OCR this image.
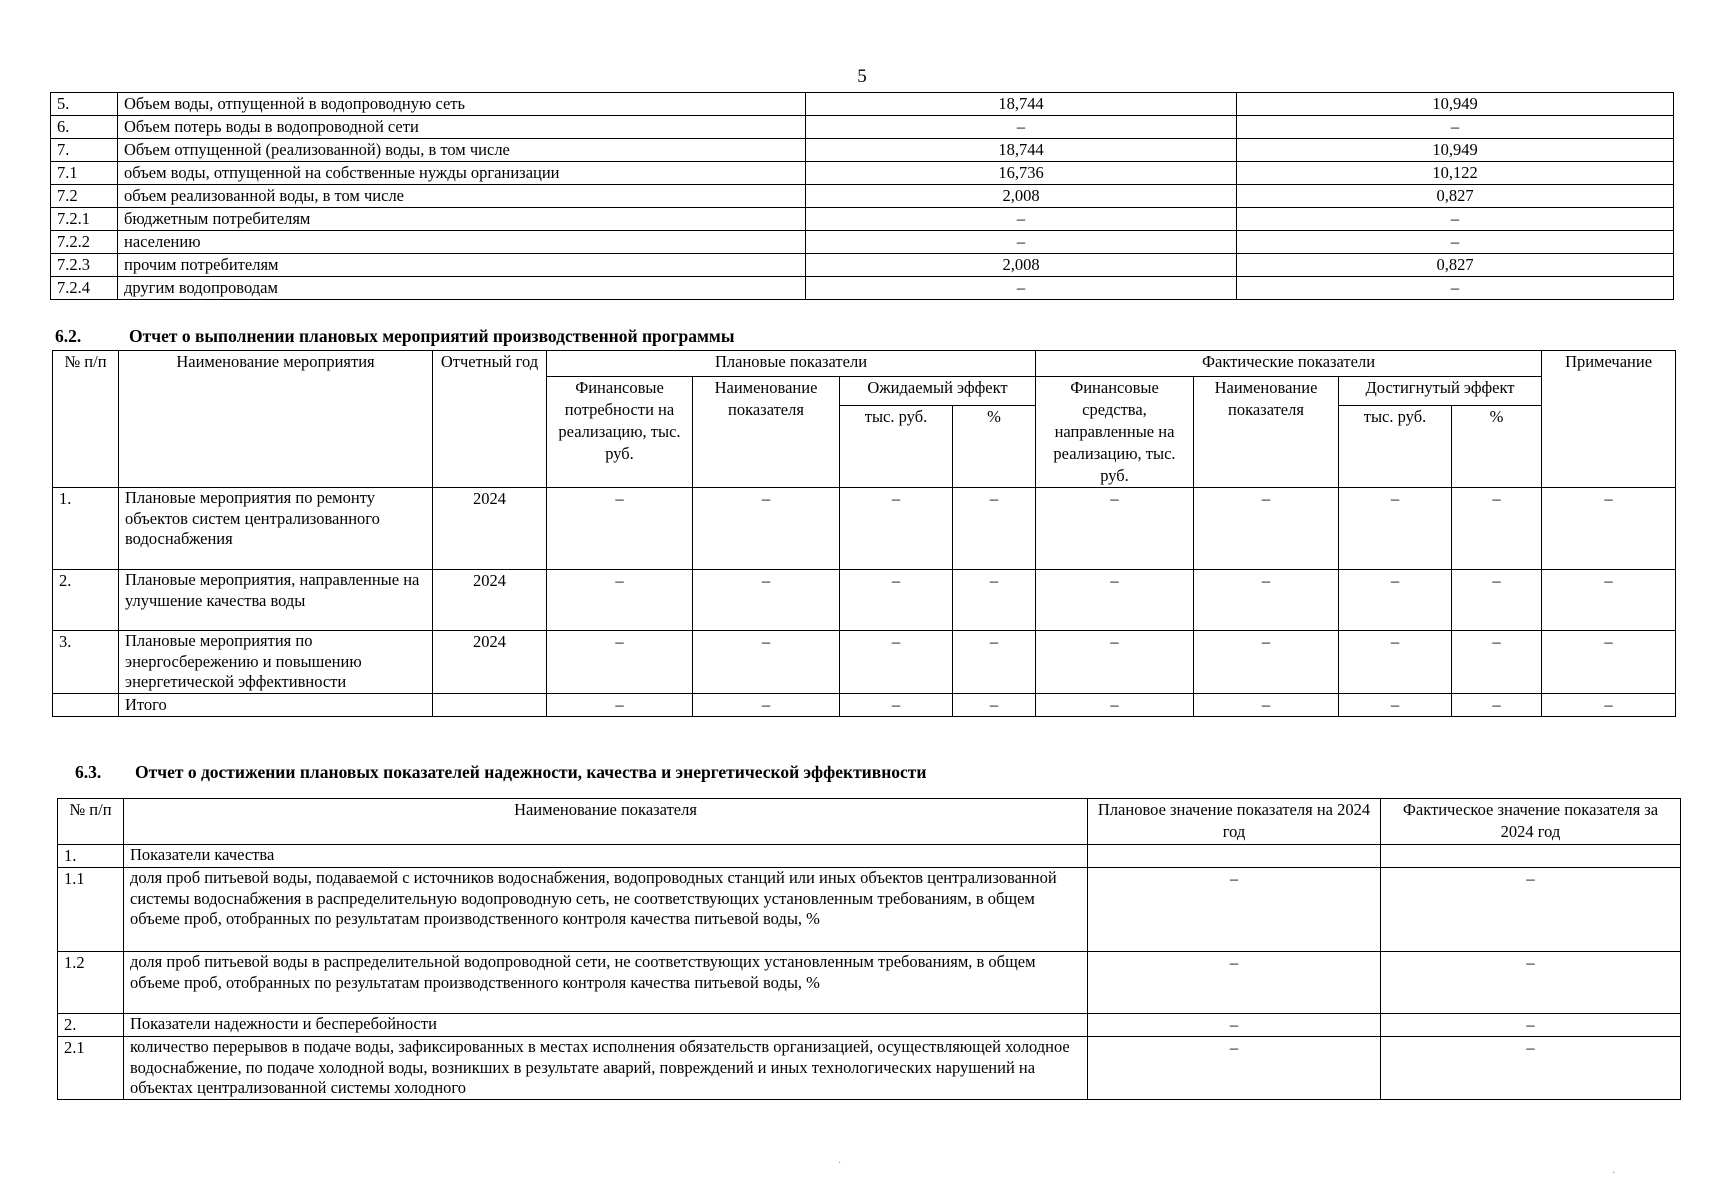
5
5.	Объем воды, отпущенной в водопроводную сеть	18,744	10,949
6.	Объем потерь воды в водопроводной сети	–	–
7.	Объем отпущенной (реализованной) воды, в том числе	18,744	10,949
7.1	объем воды, отпущенной на собственные нужды организации	16,736	10,122
7.2	объем реализованной воды, в том числе	2,008	0,827
7.2.1	бюджетным потребителям	–	–
7.2.2	населению	–	–
7.2.3	прочим потребителям	2,008	0,827
7.2.4	другим водопроводам	–	–
6.2.	Отчет о выполнении плановых мероприятий производственной программы
№ п/п	Наименование мероприятия	Отчетный год	Плановые показатели				Фактические показатели				Примечание
			Финансовые потребности на реализацию, тыс. руб.	Наименование показателя	Ожидаемый эффект		Финансовые средства, направленные на реализацию, тыс. руб.	Наименование показателя	Достигнутый эффект		
					тыс. руб.	%			тыс. руб.	%	
1.	Плановые мероприятия по ремонту объектов систем централизованного водоснабжения	2024	–	–	–	–	–	–	–	–	–
2.	Плановые мероприятия, направленные на улучшение качества воды	2024	–	–	–	–	–	–	–	–	–
3.	Плановые мероприятия по энергосбережению и повышению энергетической эффективности	2024	–	–	–	–	–	–	–	–	–
	Итого		–	–	–	–	–	–	–	–	–
6.3. Отчет о достижении плановых показателей надежности, качества и энергетической эффективности
№ п/п	Наименование показателя	Плановое значение показателя на 2024 год	Фактическое значение показателя за 2024 год
1.	Показатели качества		
1.1	доля проб питьевой воды, подаваемой с источников водоснабжения, водопроводных станций или иных объектов централизованной системы водоснабжения в распределительную водопроводную сеть, не соответствующих установленным требованиям, в общем объеме проб, отобранных по результатам производственного контроля качества питьевой воды, %	–	–
1.2	доля проб питьевой воды в распределительной водопроводной сети, не соответствующих установленным требованиям, в общем объеме проб, отобранных по результатам производственного контроля качества питьевой воды, %	–	–
2.	Показатели надежности и бесперебойности	–	–
2.1	количество перерывов в подаче воды, зафиксированных в местах исполнения обязательств организацией, осуществляющей холодное водоснабжение, по подаче холодной воды, возникших в результате аварий, повреждений и иных технологических нарушений на объектах централизованной системы холодного	–	–
·
·
